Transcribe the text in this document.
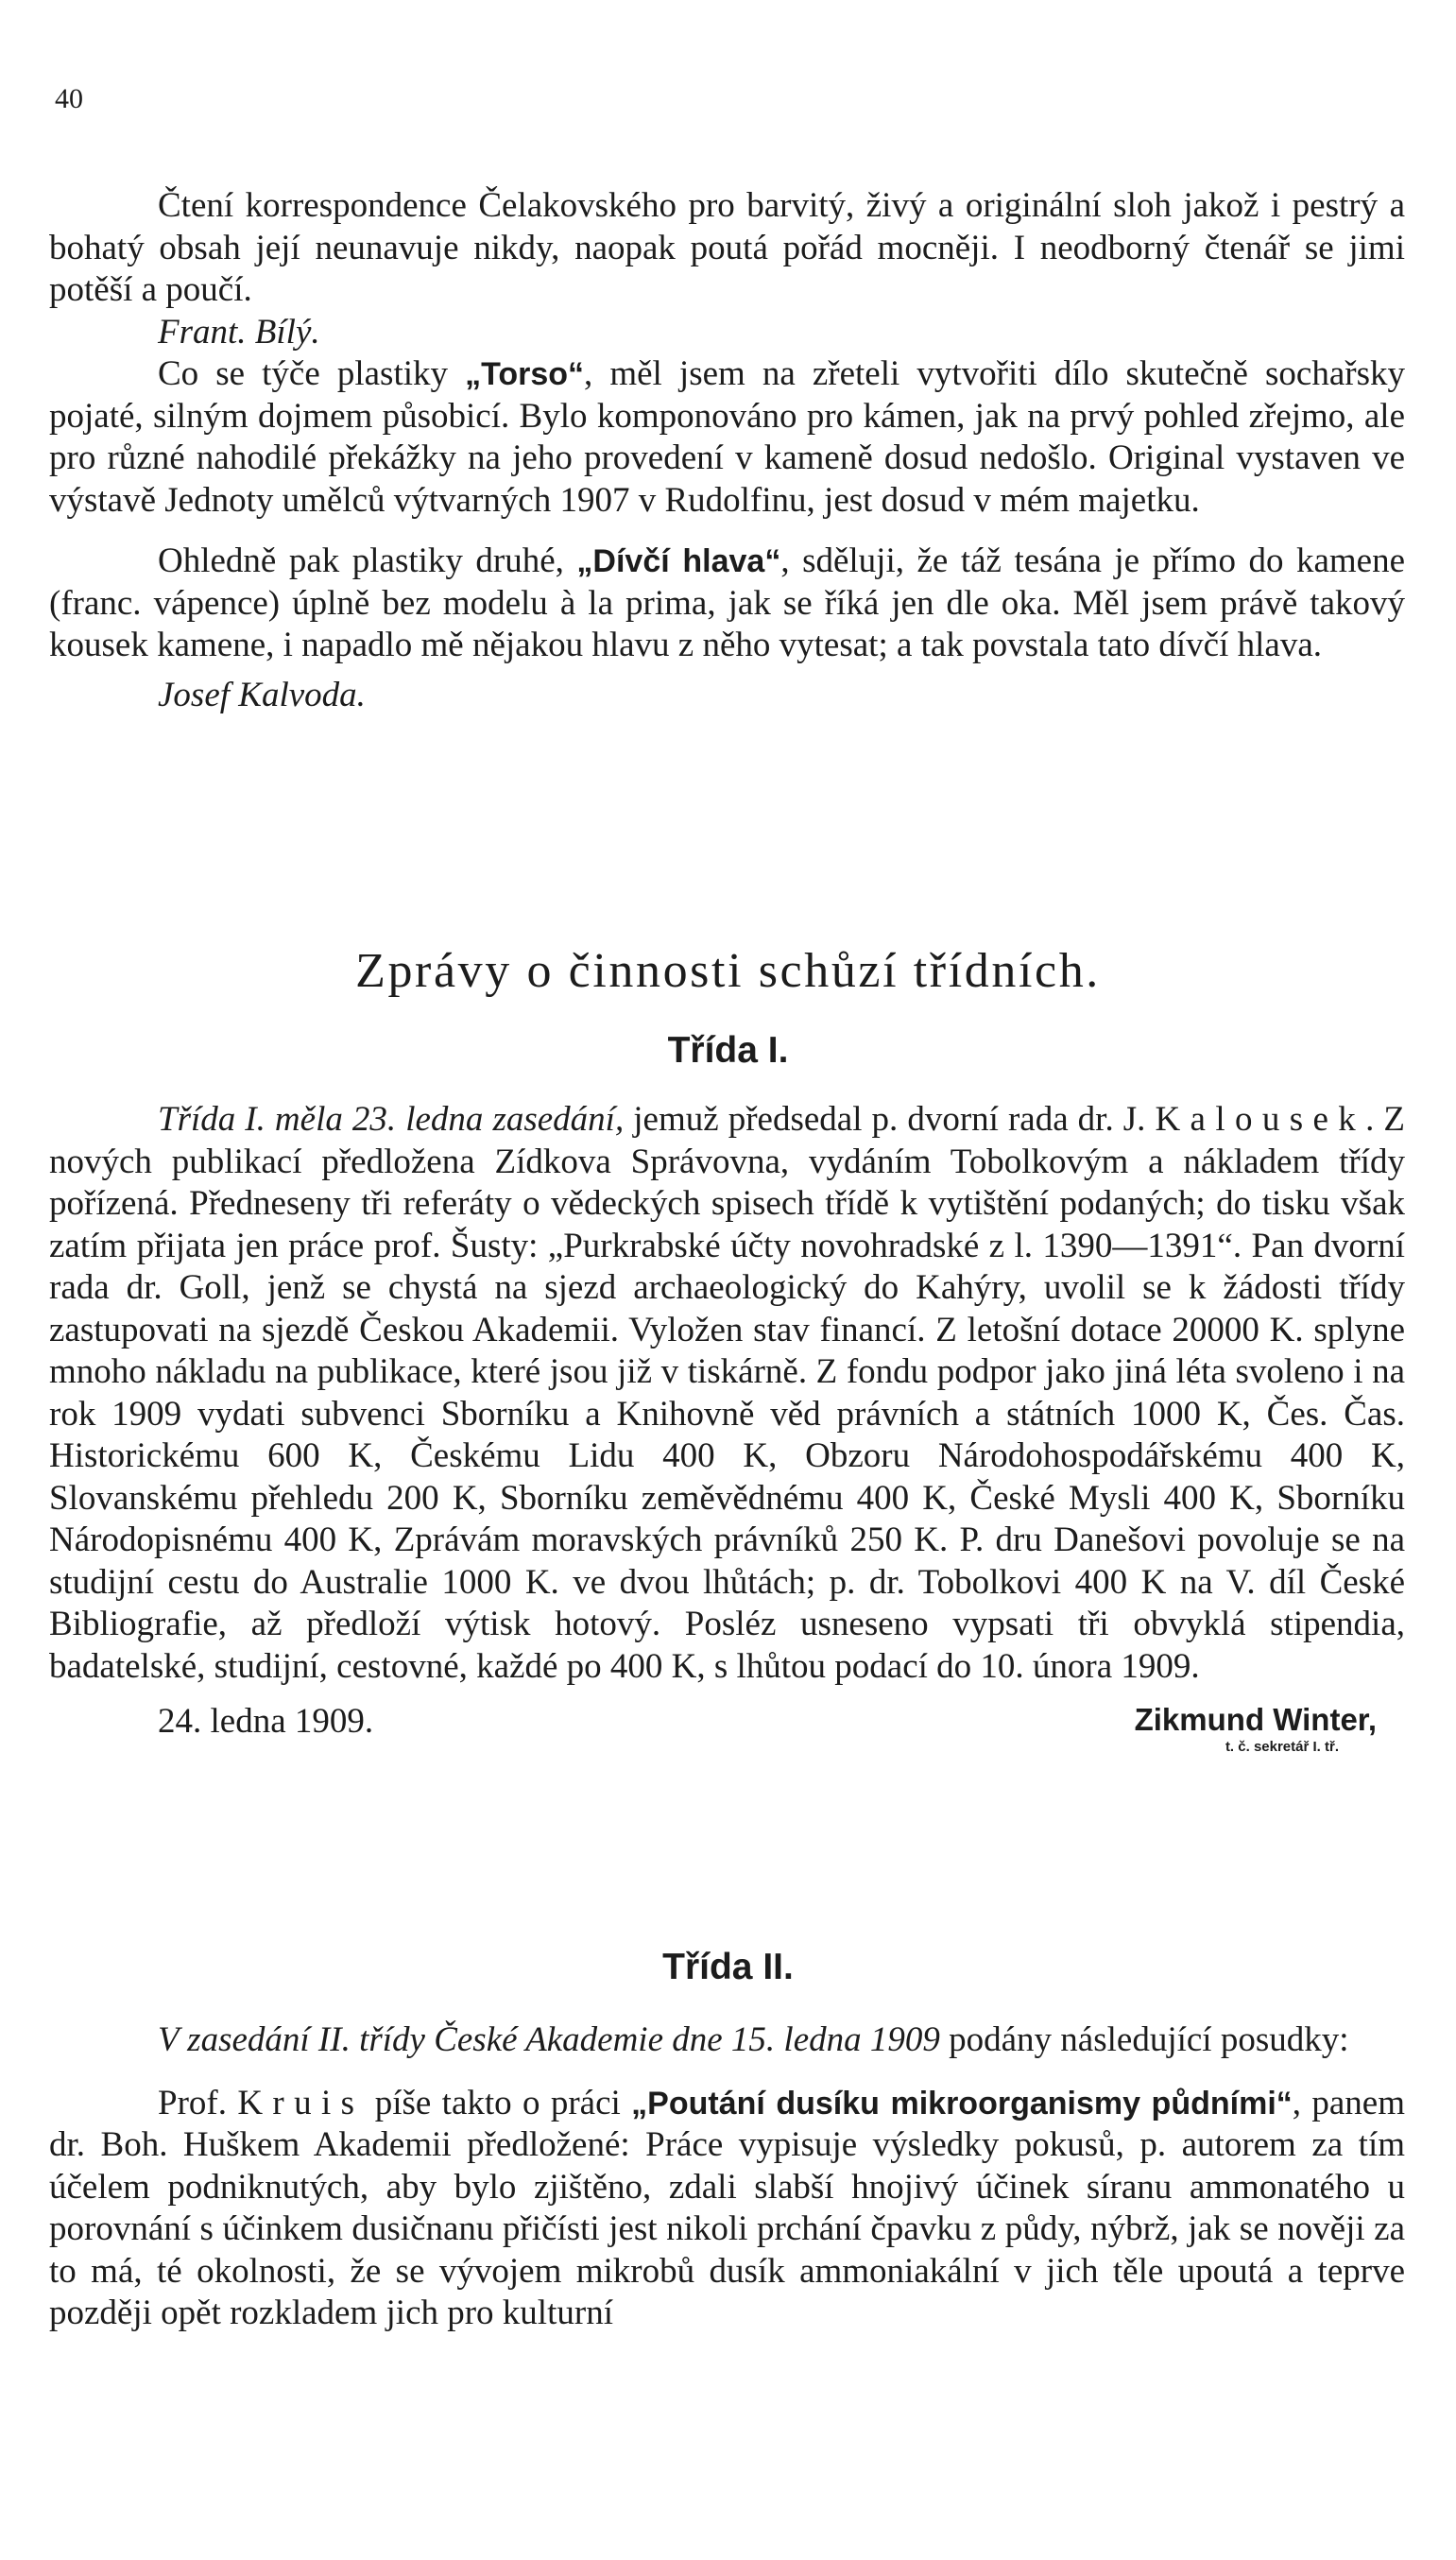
40

Čtení korrespondence Čelakovského pro barvitý, živý a originální sloh jakož i pestrý a bohatý obsah její neunavuje nikdy, naopak poutá pořád mocněji. I neodborný čtenář se jimi potěší a poučí.

Frant. Bílý.

Co se týče plastiky „Torso“, měl jsem na zřeteli vytvořiti dílo skutečně sochařsky pojaté, silným dojmem působicí. Bylo komponováno pro kámen, jak na prvý pohled zřejmo, ale pro různé nahodilé překážky na jeho provedení v kameně dosud nedošlo. Original vystaven ve výstavě Jednoty umělců výtvarných 1907 v Rudolfinu, jest dosud v mém majetku.

Ohledně pak plastiky druhé, „Dívčí hlava“, sděluji, že táž tesána je přímo do kamene (franc. vápence) úplně bez modelu à la prima, jak se říká jen dle oka. Měl jsem právě takový kousek kamene, i napadlo mě nějakou hlavu z něho vytesat; a tak povstala tato dívčí hlava.

Josef Kalvoda.

Zprávy o činnosti schůzí třídních.
Třída I.

Třída I. měla 23. ledna zasedání, jemuž předsedal p. dvorní rada dr. J. Kalousek. Z nových publikací předložena Zídkova Správovna, vydáním Tobolkovým a nákladem třídy pořízená. Předneseny tři referáty o vědeckých spisech třídě k vytištění podaných; do tisku však zatím přijata jen práce prof. Šusty: „Purkrabské účty novohradské z l. 1390—1391“. Pan dvorní rada dr. Goll, jenž se chystá na sjezd archaeologický do Kahýry, uvolil se k žádosti třídy zastupovati na sjezdě Českou Akademii. Vyložen stav financí. Z letošní dotace 20000 K. splyne mnoho nákladu na publikace, které jsou již v tiskárně. Z fondu podpor jako jiná léta svoleno i na rok 1909 vydati subvenci Sborníku a Knihovně věd právních a státních 1000 K, Čes. Čas. Historickému 600 K, Českému Lidu 400 K, Obzoru Národohospodářskému 400 K, Slovanskému přehledu 200 K, Sborníku zeměvědnému 400 K, České Mysli 400 K, Sborníku Národopisnému 400 K, Zprávám moravských právníků 250 K. P. dru Danešovi povoluje se na studijní cestu do Australie 1000 K. ve dvou lhůtách; p. dr. Tobolkovi 400 K na V. díl České Bibliografie, až předloží výtisk hotový. Posléz usneseno vypsati tři obvyklá stipendia, badatelské, studijní, cestovné, každé po 400 K, s lhůtou podací do 10. února 1909.

24. ledna 1909.	Zikmund Winter,
t. č. sekretář I. tř.
Třída II.

V zasedání II. třídy České Akademie dne 15. ledna 1909 podány následující posudky:

Prof. Kruis píše takto o práci „Poutání dusíku mikroorganismy půdními“, panem dr. Boh. Huškem Akademii předložené: Práce vypisuje výsledky pokusů, p. autorem za tím účelem podniknutých, aby bylo zjištěno, zdali slabší hnojivý účinek síranu ammonatého u porovnání s účinkem dusičnanu přičísti jest nikoli prchání čpavku z půdy, nýbrž, jak se nověji za to má, té okolnosti, že se vývojem mikrobů dusík ammoniakální v jich těle upoutá a teprve později opět rozkladem jich pro kulturní
